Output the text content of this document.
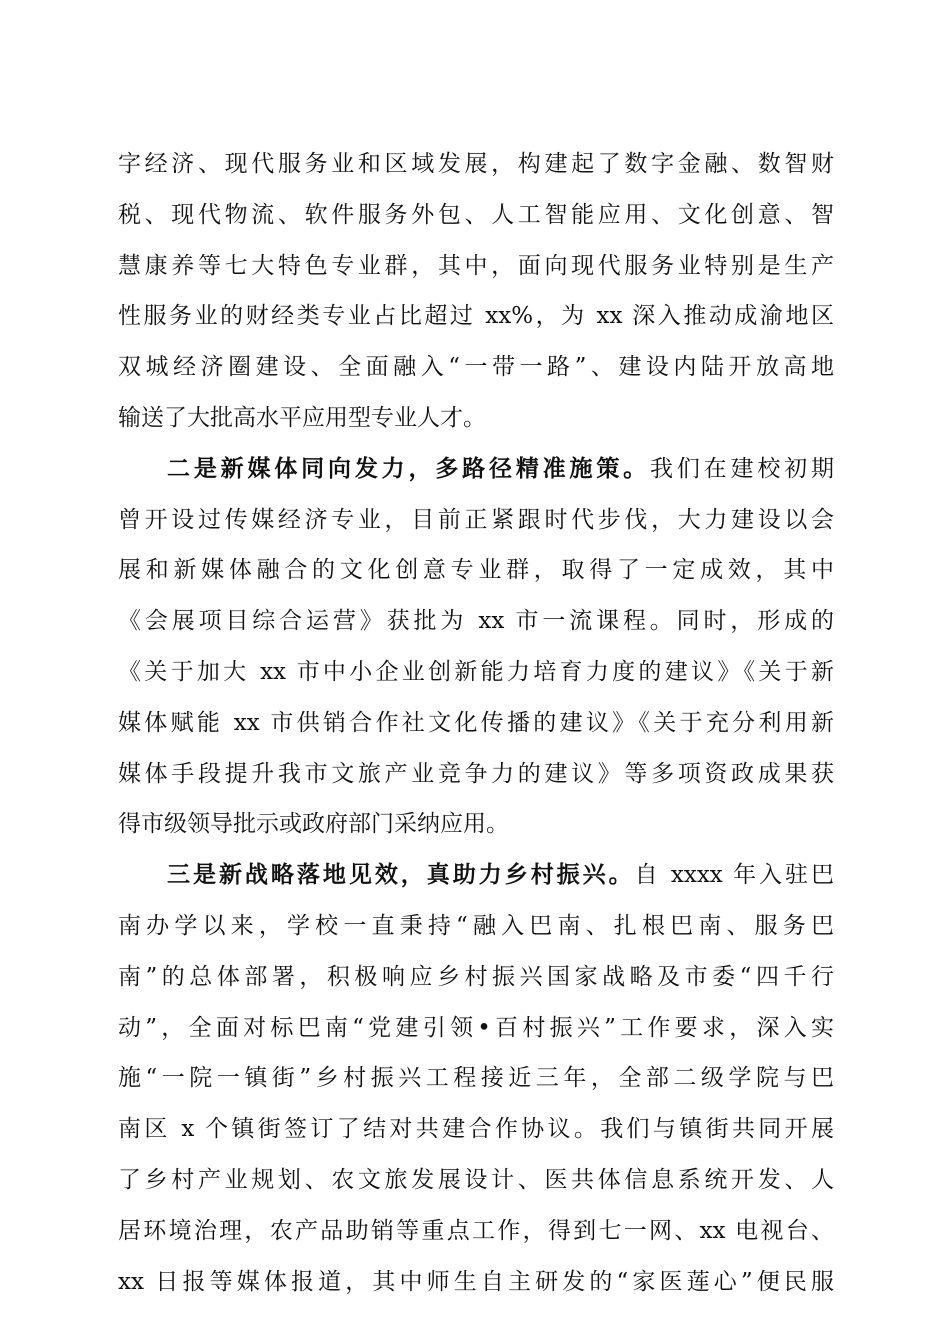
字经济、现代服务业和区域发展，构建起了数字金融、数智财
税、现代物流、软件服务外包、人工智能应用、文化创意、智
慧康养等七大特色专业群，其中，面向现代服务业特别是生产
性服务业的财经类专业占比超过 xx%，为 xx 深入推动成渝地区
双城经济圈建设、全面融入“一带一路”、建设内陆开放高地
输送了大批高水平应用型专业人才。
二是新媒体同向发力，多路径精准施策。我们在建校初期
曾开设过传媒经济专业，目前正紧跟时代步伐，大力建设以会
展和新媒体融合的文化创意专业群，取得了一定成效，其中
《会展项目综合运营》获批为 xx 市一流课程。同时，形成的
《关于加大 xx 市中小企业创新能力培育力度的建议》《关于新
媒体赋能 xx 市供销合作社文化传播的建议》《关于充分利用新
媒体手段提升我市文旅产业竞争力的建议》等多项资政成果获
得市级领导批示或政府部门采纳应用。
三是新战略落地见效，真助力乡村振兴。自 xxxx 年入驻巴
南办学以来，学校一直秉持“融入巴南、扎根巴南、服务巴
南”的总体部署，积极响应乡村振兴国家战略及市委“四千行
动”，全面对标巴南“党建引领•百村振兴”工作要求，深入实
施“一院一镇街”乡村振兴工程接近三年，全部二级学院与巴
南区 x 个镇街签订了结对共建合作协议。我们与镇街共同开展
了乡村产业规划、农文旅发展设计、医共体信息系统开发、人
居环境治理，农产品助销等重点工作，得到七一网、xx 电视台、
xx 日报等媒体报道，其中师生自主研发的“家医莲心”便民服
